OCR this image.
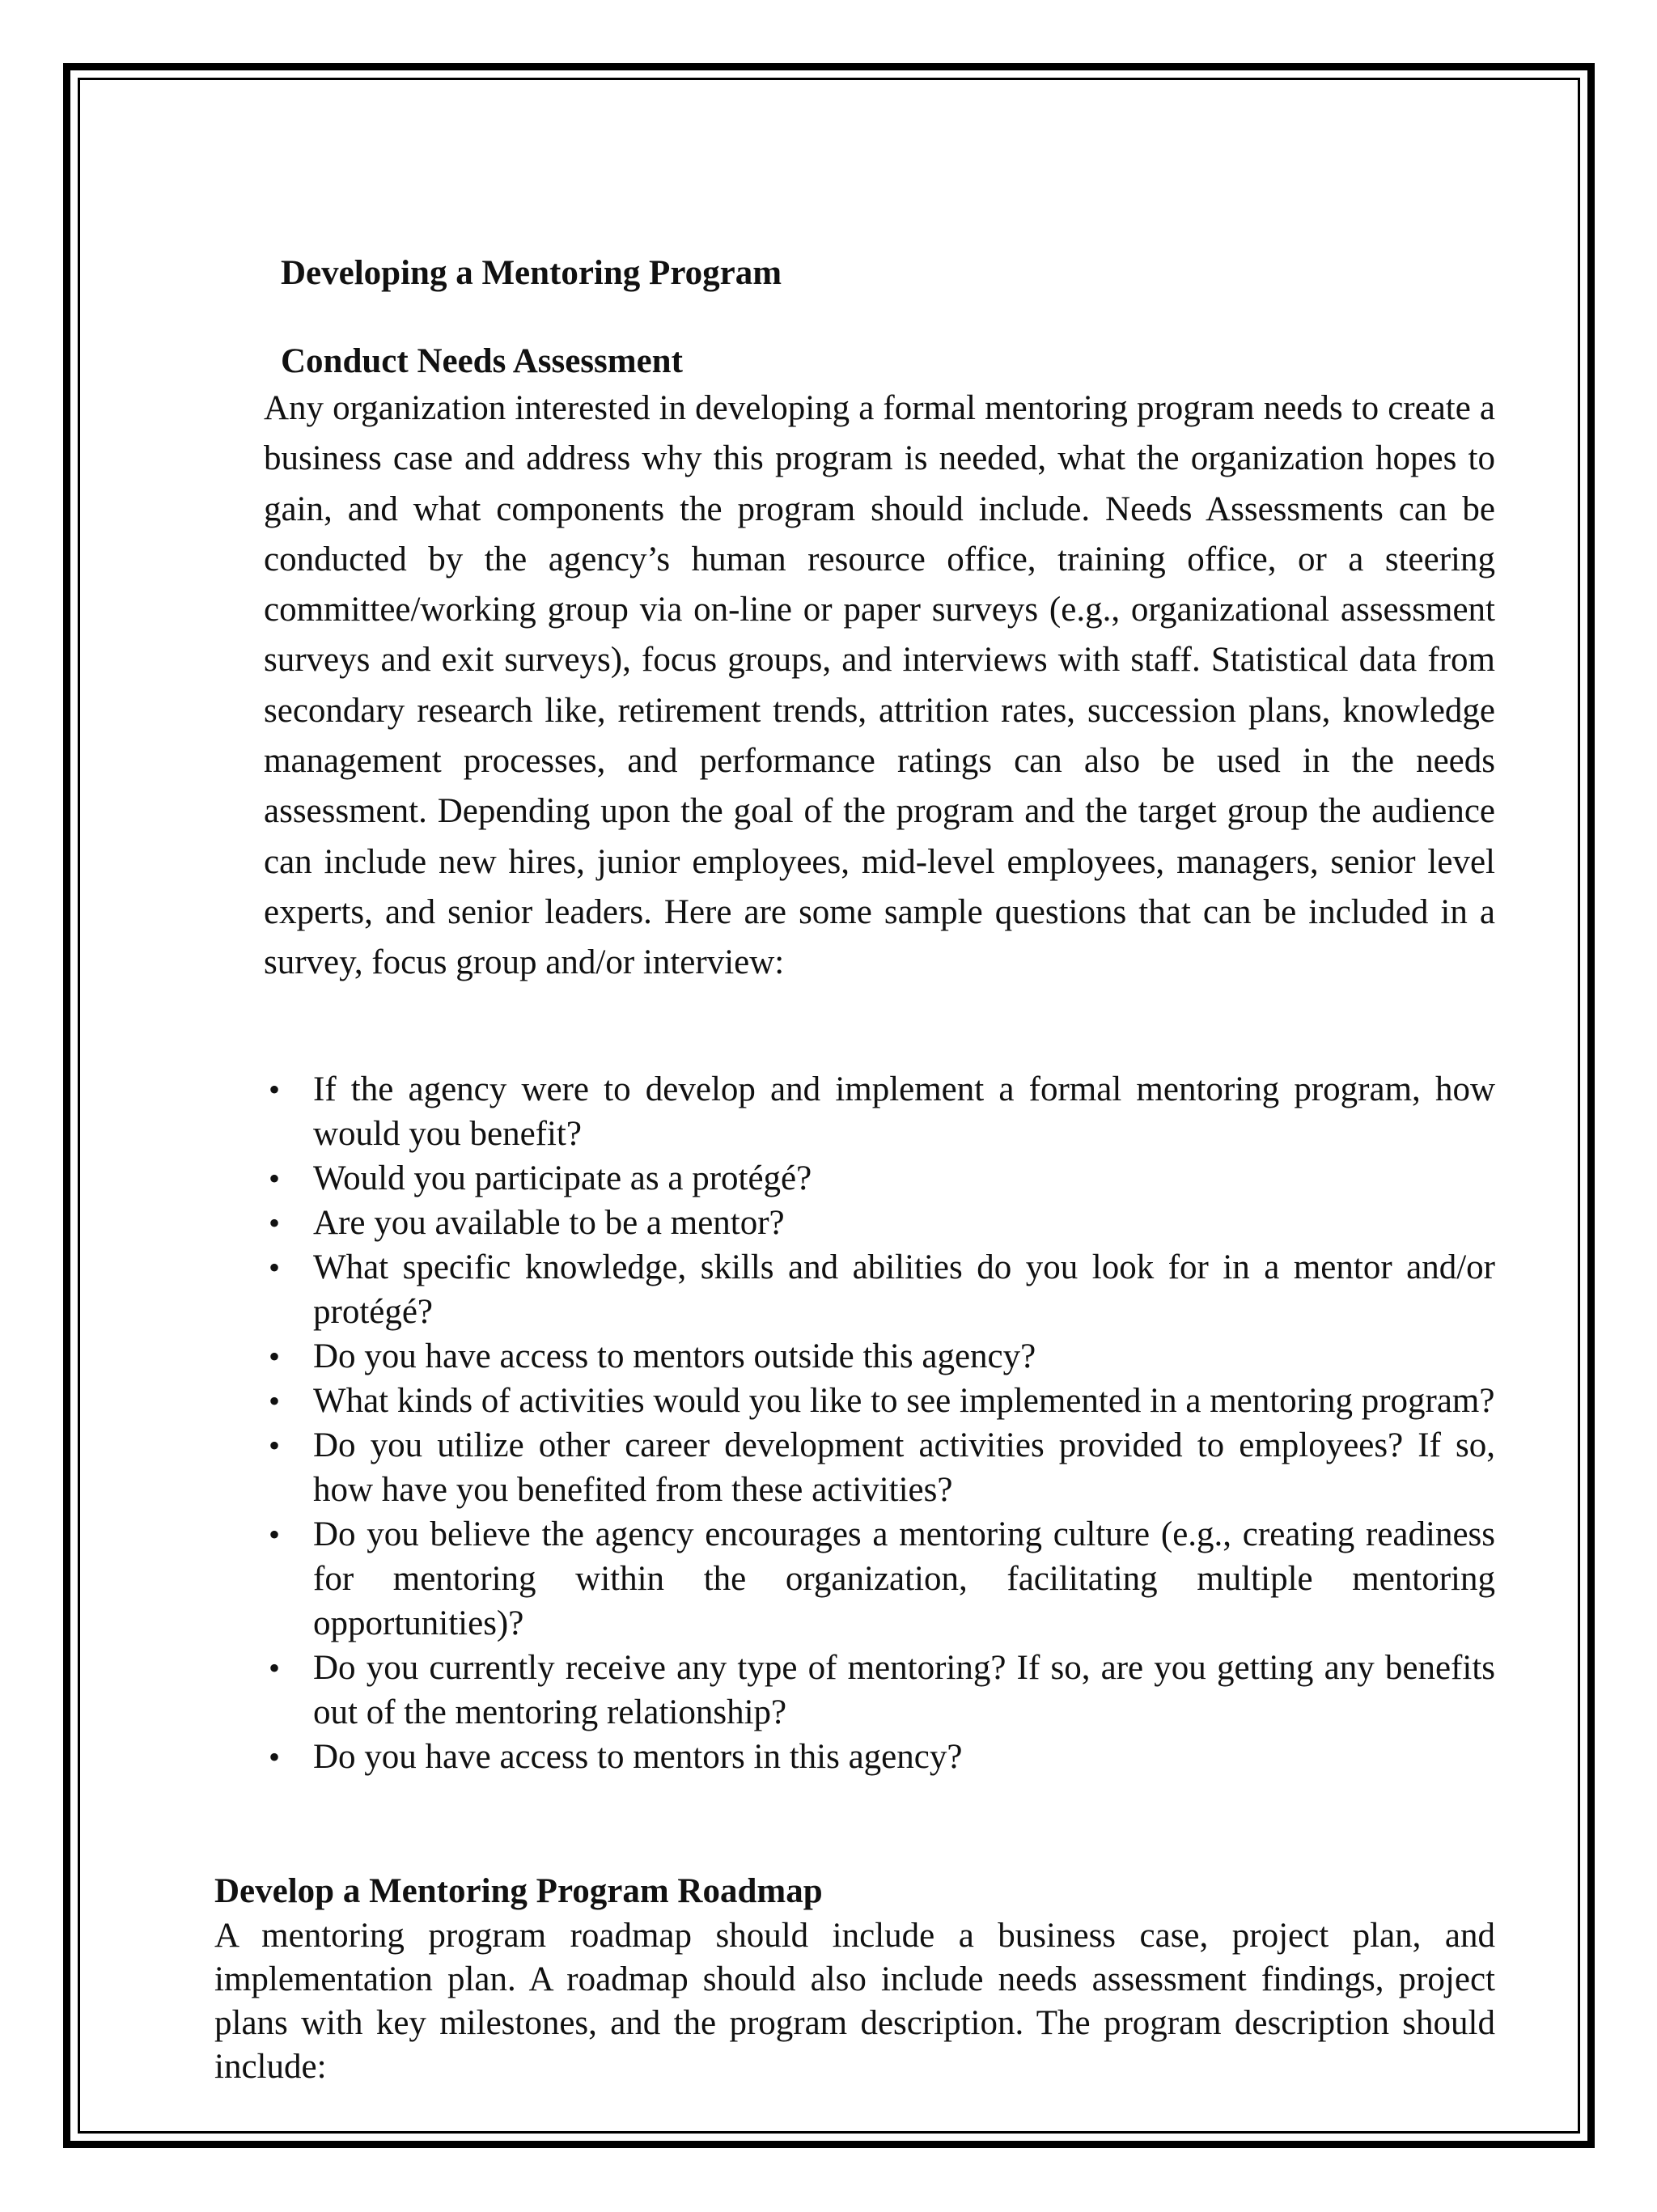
Developing a Mentoring Program
Conduct Needs Assessment

Any organization interested in developing a formal mentoring program needs to create a business case and address why this program is needed, what the organization hopes to gain, and what components the program should include. Needs Assessments can be conducted by the agency’s human resource office, training office, or a steering committee/working group via on-line or paper surveys (e.g., organizational assessment surveys and exit surveys), focus groups, and interviews with staff. Statistical data from secondary research like, retirement trends, attrition rates, succession plans, knowledge management processes, and performance ratings can also be used in the needs assessment. Depending upon the goal of the program and the target group the audience can include new hires, junior employees, mid-level employees, managers, senior level experts, and senior leaders. Here are some sample questions that can be included in a survey, focus group and/or interview:

• If the agency were to develop and implement a formal mentoring program, how would you benefit?
• Would you participate as a protégé?
• Are you available to be a mentor?
• What specific knowledge, skills and abilities do you look for in a mentor and/or protégé?
• Do you have access to mentors outside this agency?
• What kinds of activities would you like to see implemented in a mentoring program?
• Do you utilize other career development activities provided to employees? If so, how have you benefited from these activities?
• Do you believe the agency encourages a mentoring culture (e.g., creating readiness for mentoring within the organization, facilitating multiple mentoring opportunities)?
• Do you currently receive any type of mentoring? If so, are you getting any benefits out of the mentoring relationship?
• Do you have access to mentors in this agency?
Develop a Mentoring Program Roadmap

A mentoring program roadmap should include a business case, project plan, and implementation plan. A roadmap should also include needs assessment findings, project plans with key milestones, and the program description. The program description should include:
